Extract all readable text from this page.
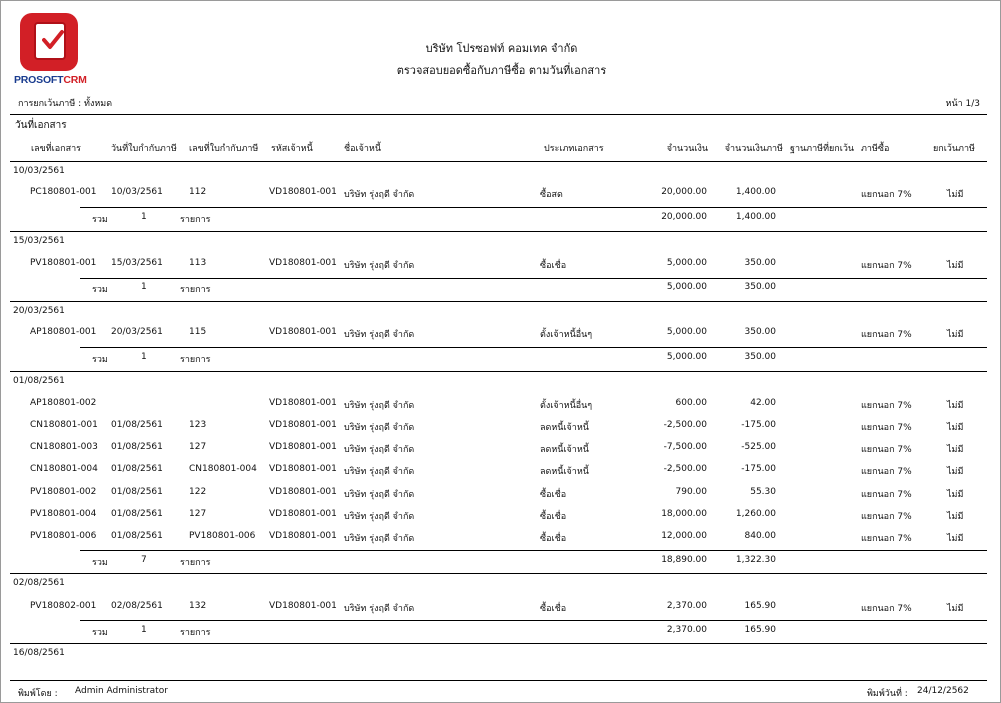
PROSOFTCRM
บริษัท โปรซอฟท์ คอมเทค จำกัด
ตรวจสอบยอดซื้อกับภาษีซื้อ ตามวันที่เอกสาร
การยกเว้นภาษี : ทั้งหมด	หน้า 1/3
วันที่เอกสาร
เลขที่เอกสาร	วันที่ใบกำกับภาษี เลขที่ใบกำกับภาษี รหัสเจ้าหนี้	ชื่อเจ้าหนี้	ประเภทเอกสาร	จำนวนเงิน	จำนวนเงินภาษี ฐานภาษีที่ยกเว้น ภาษีซื้อ	ยกเว้นภาษี
10/03/2561
PC180801-001 10/03/2561	112	VD180801-001 บริษัท รุ่งฤดี จำกัด	ซื้อสด	20,000.00	1,400.00	แยกนอก 7%	ไม่มี
รวม	1	รายการ	20,000.00	1,400.00
15/03/2561
PV180801-001 15/03/2561	113	VD180801-001 บริษัท รุ่งฤดี จำกัด	ซื้อเชื่อ	5,000.00	350.00	แยกนอก 7%	ไม่มี
รวม	1	รายการ	5,000.00	350.00
20/03/2561
AP180801-001 20/03/2561	115	VD180801-001 บริษัท รุ่งฤดี จำกัด	ตั้งเจ้าหนี้อื่นๆ	5,000.00	350.00	แยกนอก 7%	ไม่มี
รวม	1	รายการ	5,000.00	350.00
01/08/2561
AP180801-002	VD180801-001 บริษัท รุ่งฤดี จำกัด	ตั้งเจ้าหนี้อื่นๆ	600.00	42.00	แยกนอก 7%	ไม่มี
CN180801-001 01/08/2561	123	VD180801-001 บริษัท รุ่งฤดี จำกัด	ลดหนี้เจ้าหนี้	-2,500.00	-175.00	แยกนอก 7%	ไม่มี
CN180801-003 01/08/2561	127	VD180801-001 บริษัท รุ่งฤดี จำกัด	ลดหนี้เจ้าหนี้	-7,500.00	-525.00	แยกนอก 7%	ไม่มี
CN180801-004 01/08/2561	CN180801-004 VD180801-001 บริษัท รุ่งฤดี จำกัด	ลดหนี้เจ้าหนี้	-2,500.00	-175.00	แยกนอก 7%	ไม่มี
PV180801-002 01/08/2561	122	VD180801-001 บริษัท รุ่งฤดี จำกัด	ซื้อเชื่อ	790.00	55.30	แยกนอก 7%	ไม่มี
PV180801-004 01/08/2561	127	VD180801-001 บริษัท รุ่งฤดี จำกัด	ซื้อเชื่อ	18,000.00	1,260.00	แยกนอก 7%	ไม่มี
PV180801-006 01/08/2561	PV180801-006 VD180801-001 บริษัท รุ่งฤดี จำกัด	ซื้อเชื่อ	12,000.00	840.00	แยกนอก 7%	ไม่มี
รวม	7	รายการ	18,890.00	1,322.30
02/08/2561
PV180802-001 02/08/2561	132	VD180801-001 บริษัท รุ่งฤดี จำกัด	ซื้อเชื่อ	2,370.00	165.90	แยกนอก 7%	ไม่มี
รวม	1	รายการ	2,370.00	165.90
16/08/2561
พิมพ์โดย : Admin Administrator	พิมพ์วันที่ : 24/12/2562
